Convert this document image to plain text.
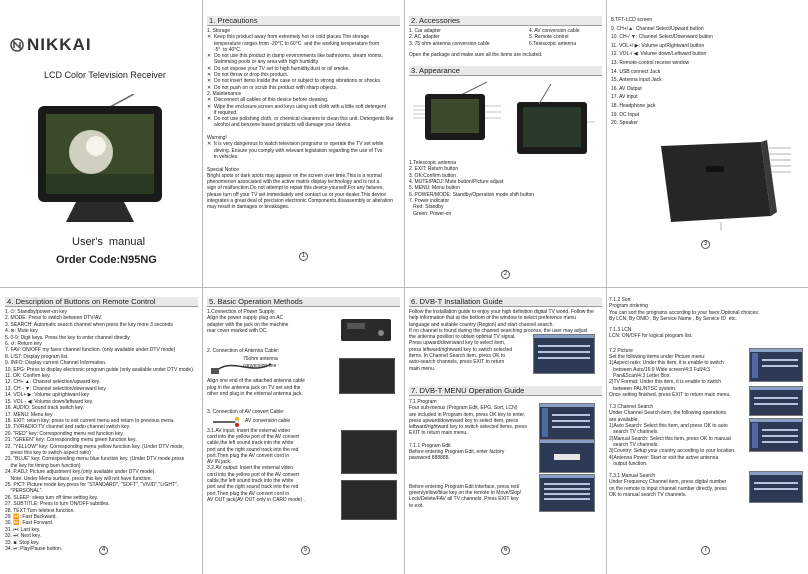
NIKKAI
LCD Color Television Receiver
User's  manual
Order Code:N95NG
1. Precautions
1. Storage
✕  Keep this product away from extremely hot or cold places.The storage
temperature ranges from -20°C to 60°C  and the working temperature from
-5°  to 40°C.
✕  Do not use this product in damp environments like bathrooms, steam rooms,
Swimming pools or any area with high humidity.
✕  Do not expose your TV set to high humidity,dust or oil smoke.
✕  Do not throw or drop this product.
✕  Do not insert items inside the case or subject to strong vibrations or shocks.
✕  Do not push on or scrub this product with sharp objects.
2. Maintenance
✕  Disconnect all cables of this device before cleaning.
✕  Wipe the enclosure,screen and keys using soft cloth with a little soft detergent
if required.
✕  Do not use polishing cloth, or chemical cleaners to clean this unit. Detergents like
alcohol and benzene based products will damage your device.

Warning!
✕  It is very dangerous to watch television programs or operate the TV set while
driving. Ensure you comply with relevant legislation regarding the use of Tvs
in vehicles.

Special Notice
Bright spots or dark spots may appear on the screen over time.This is a normal
phenomenon associated with the active matrix display technology and is not a
sign of malfunction.Do not attempt to repair this device yourself.For any failures,
please turn off your TV set immediately and contact us or your dealer.This device
integrates a great deal of precision electronic Components,disassembly or alteration
may result in damages or breakages.
1
2. Accessories
1. Car adapter
2. AC adapter
3. 75 ohm antenna conversion cable
4. AV conversion cable
5. Remote control
6.Telescopic antenna
Open the package and make sure all the items are included.
3. Appearance
1.Telescopic antenna
2. EXIT: Return button
3. OK:Confirm button
4. MUTE/PADJ: Mute button/Picture adjust
5. MENU: Menu button
6. POWER/MODE: Standby/Operation mode shift button
7. Power indicator
Red: Standby
Green: Power-on
2
8.TFT-LCD screen
9. CH+/▲: Channel Select/Upward button
10. CH-/ ▼: Channel Select/Downward button
11. VOL+/ ▶: Volume up/Rightward button
12. VOL-/ ◀: Volume down/Leftward button
13. Remote-control receive window
14. USB connect Jack
15. Antenna input Jack
16. AV Output
17. AV input
18. Headphone jack
19. DC Input
20. Speaker
3
4. Description of Buttons on Remote Control
1. ⏻: Standby/power-on key
2. MODE: Press to switch between DTV/AV.
3. SEARCH: Automatic search channel when press the key more 3 seconds
4. ⊛: Mute key
5. 0-9: Digit keys. Press the key to enter channel directly
6. ↺: Return key
7. FAV: ON/OFF my favor channel function. (only available under DTV mode)
8. LIST: Display program list.
9. INFO: Display current Channel Information.
10. EPG: Press to display electronic program guide (only available under DTV mode).
11. OK: Confirm key.
12. CH+ ▲: Channel selection/upward key.
13. CH - ▼: Channel selection/downward key
14. VOL+ ▶: Volume up/rightward key
15. VOL - ◀: Volume down/leftward key.
16. AUDIO: Sound track switch key.
17. MENU: Menu key
18. EXIT: return key; press to exit current menu and return to previous menu.
19. TV/RADIO:TV channel and radio channel switch key.
20. "RED" key: Corresponding menu red function key.
21. "GREEN" key: Corresponding menu green function key.
22. "YELLOW" key: Corresponding menu yellow function key. (Under DTV mode,
press this key to switch aspect ratio)
23. "BLUE" key: Corresponding menu blue function key. (Under DTV mode,press
the key for timing burn function)
24. P.ADJ: Picture adjustment key.(only available under DTV mode).
Note: Under Menu surface, press this key will not have function.
25. PICT: Picture mode key.press for "STANDARD", "SOFT", "VIVID","LIGHT",
"PERSONAL".
26. SLEEP: sleep turn off time setting key.
27. SUBTITLE: Press to turn ON/OFF subtitles.
28. TEXT:Turn teletext function.
29. ⏪: Fast Backward.
30. ⏩: Fast Forward.
31. ⏮: Last key.
32. ⏭: Next key.
33. ■: Stop key.
34. ⏯: Play/Pause button.	4
5. Basic Operation Methods
1.Connection of Power Supply:
Align the power supply plug on AC
adapter with the jack on the machine
rear cover marked with DC.
2. Connection of Antenna Cable:
75ohm antenna
conversion line
Align one end of the attached antenna cable
plug in the antenna jack on TV set and the
other end plug in the external antenna jack.
3. Connection of AV convert Cable:
AV conversion cable
3.1.AV input: Insert the external video
cord into the yellow port of the AV convert
cable,the left sound track into the white
port and the right sound track into the red
port.Then plug the AV convert cord in
AV IN jack.
3.2.AV output: Insert the external video
cord into the yellow port of the AV convert
cable,the left sound track into the white
port and the right sound track into the red
port.Then plug the AV convert cord in
AV OUT jack(AV OUT only in CARD mode) .
5
6. DVB-T Installation Guide
Follow the installation guide to enjoy your high definition digital TV world. Follow the
help information that at the bottom of the window to select preference menu
language and suitable country (Region) and start channel search.
If no channel is found during the channel searching process, the user may adjust
the antenna position to obtain optimal TV signal.
Press upward/downward key to select item,
press leftward/rightward key to switch selected
items. In Channel Search item, press OK to
auto-search channels, press EXIT to return
main menu.
7. DVB-T MENU Operation Guide
7.1 Program
Four sub-menus (Program Edit, EPG, Sort, LCN)
are included in Program item, press OK key to enter,
press upward/downward key to select item, press
leftward/rightward key to switch selected items, press
EXIT to return main menu.
7.1.1 Program Edit
Before entering Program Edit, enter factory
password 888888.
Before entering Program Edit interface, press red/
green/yellow/blue key on the remote to Move/Skip/
Lock/Delete/FAV all TV channels. Press EXIT key
to exit.
6
7.1.2 Sort
Program ordering
You can sort the programs according to your favor.Optional choices:
By LCN, By ONID , By Service Name , By Service ID  etc.
7.1.3 LCN
LCN: ON/OFF for logical program list.
7.2 Picture
Set the following items under Picture menu:
1)Aspect ratio: Under this item, it is enable to switch
between Auto/16:9 Wide screen/4:3 Full/4:3
Pan&Scan/4:3 Letter Box.
2)TV Format: Under this item, it is enable to switch
between PAL/NTSC system.
Once setting finished, press EXIT to return main menu.
7.3 Channel Search
Under Channel Search item, the following operations
are available:
1)Auto Search: Select this item, and press OK to auto
search TV channels.
2)Manual Search: Select this item, press OK to manual
search TV channels.
3)Country: Setup your country according to your location.
4)Antenna Power: Start or exit the active antenna
output function.
7.3.1 Manual Search
Under Frequency Channel item, press digital number
on the remote to input channel number directly, press
OK to manual search TV channels.
7
